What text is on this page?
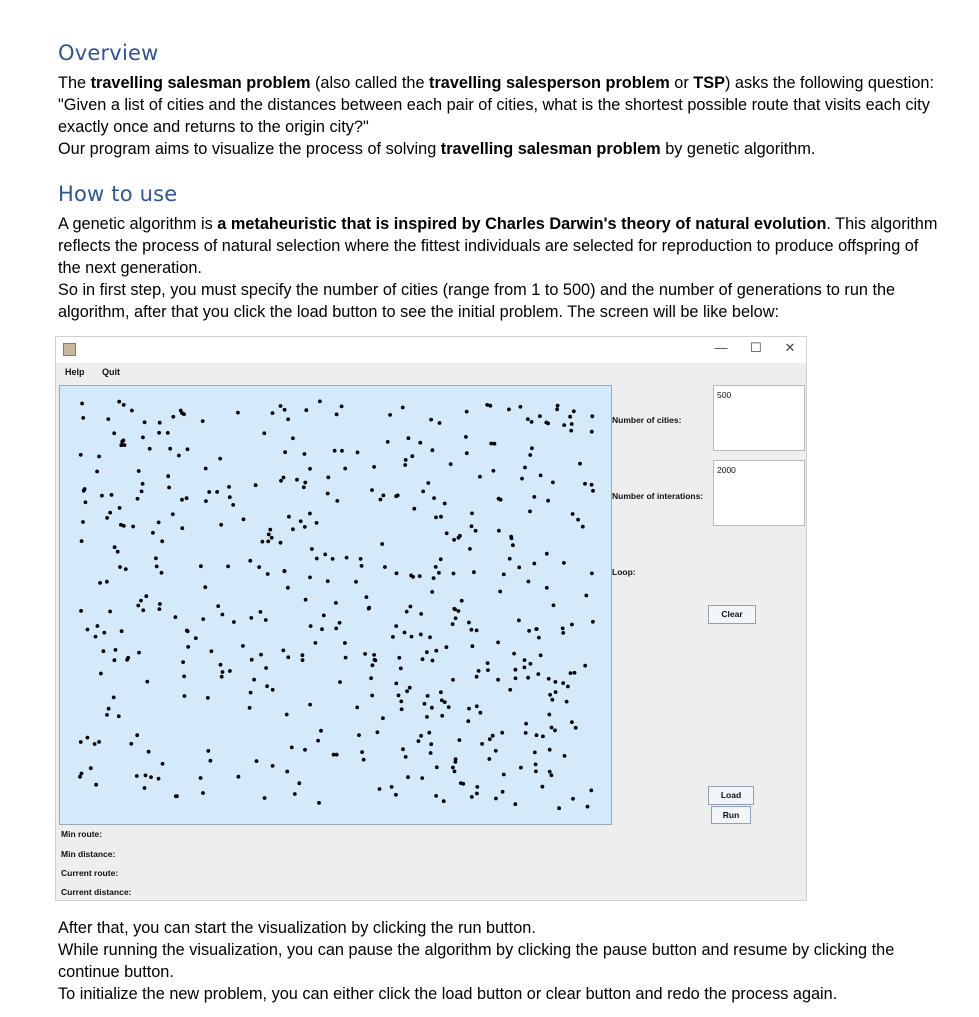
Overview

The travelling salesman problem (also called the travelling salesperson problem or TSP) asks the following question: "Given a list of cities and the distances between each pair of cities, what is the shortest possible route that visits each city exactly once and returns to the origin city?"

Our program aims to visualize the process of solving travelling salesman problem by genetic algorithm.

How to use

A genetic algorithm is a metaheuristic that is inspired by Charles Darwin's theory of natural evolution. This algorithm reflects the process of natural selection where the fittest individuals are selected for reproduction to produce offspring of the next generation.

So in first step, you must specify the number of cities (range from 1 to 500) and the number of generations to run the algorithm, after that you click the load button to see the initial problem. The screen will be like below:

—	☐	✕
Help Quit
Number of cities:
500
Number of interations:
2000
Loop:
Clear
Load
Run
Min route:
Min distance:
Current route:
Current distance:

After that, you can start the visualization by clicking the run button.

While running the visualization, you can pause the algorithm by clicking the pause button and resume by clicking the continue button.

To initialize the new problem, you can either click the load button or clear button and redo the process again.
